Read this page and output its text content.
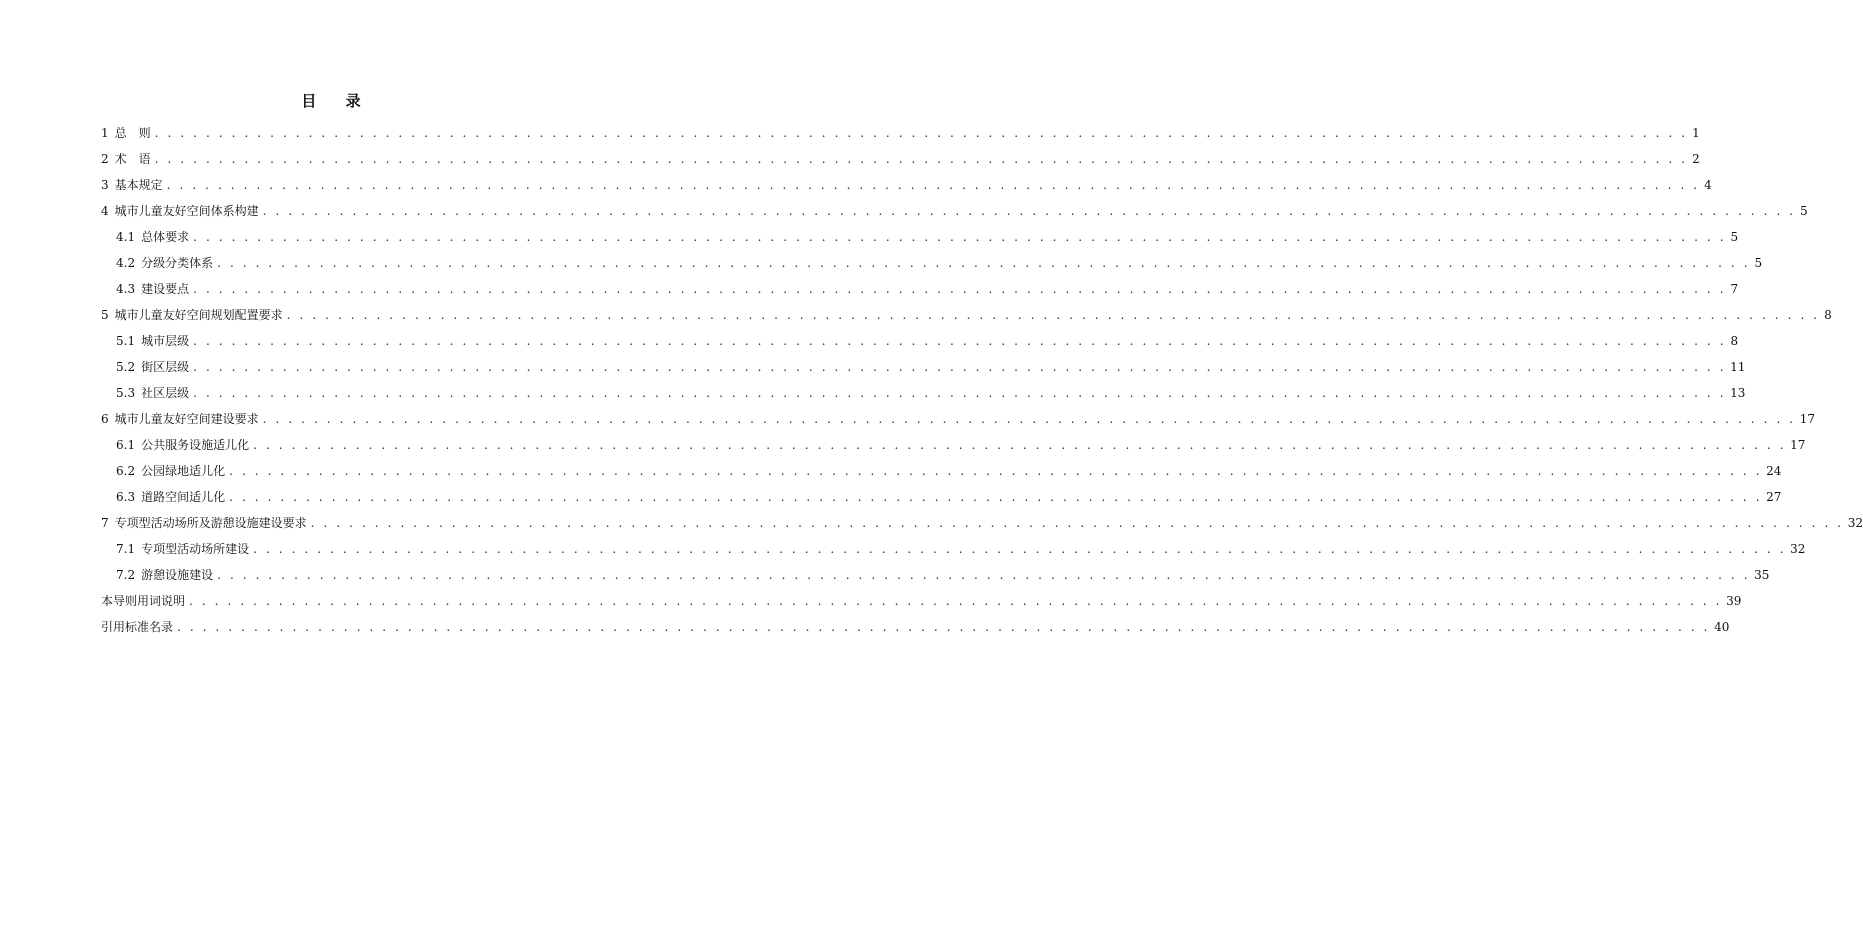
目 录
1 总　则 . . . . . . . . . . . . . . . . . . . . . . . . . . . . . . . . . . . . . . . . . . . . . . . . . . . . . . . . . . . . . . . . . . . . . . . . . . . . . . . . . . . . . . . . . . . . . . . . . . . . . . . . . . . . . . . . . . . . . . . . 1
2 术　语 . . . . . . . . . . . . . . . . . . . . . . . . . . . . . . . . . . . . . . . . . . . . . . . . . . . . . . . . . . . . . . . . . . . . . . . . . . . . . . . . . . . . . . . . . . . . . . . . . . . . . . . . . . . . . . . . . . . . . . . . 2
3 基本规定 . . . . . . . . . . . . . . . . . . . . . . . . . . . . . . . . . . . . . . . . . . . . . . . . . . . . . . . . . . . . . . . . . . . . . . . . . . . . . . . . . . . . . . . . . . . . . . . . . . . . . . . . . . . . . . . . . . . . . . . . 4
4 城市儿童友好空间体系构建 . . . . . . . . . . . . . . . . . . . . . . . . . . . . . . . . . . . . . . . . . . . . . . . . . . . . . . . . . . . . . . . . . . . . . . . . . . . . . . . . . . . . . . . . . . . . . . . . . . . . . . . . . . . . . . . . . . . . . . . . 5
4.1 总体要求 . . . . . . . . . . . . . . . . . . . . . . . . . . . . . . . . . . . . . . . . . . . . . . . . . . . . . . . . . . . . . . . . . . . . . . . . . . . . . . . . . . . . . . . . . . . . . . . . . . . . . . . . . . . . . . . . . . . . . . . . 5
4.2 分级分类体系 . . . . . . . . . . . . . . . . . . . . . . . . . . . . . . . . . . . . . . . . . . . . . . . . . . . . . . . . . . . . . . . . . . . . . . . . . . . . . . . . . . . . . . . . . . . . . . . . . . . . . . . . . . . . . . . . . . . . . . . . 5
4.3 建设要点 . . . . . . . . . . . . . . . . . . . . . . . . . . . . . . . . . . . . . . . . . . . . . . . . . . . . . . . . . . . . . . . . . . . . . . . . . . . . . . . . . . . . . . . . . . . . . . . . . . . . . . . . . . . . . . . . . . . . . . . . 7
5 城市儿童友好空间规划配置要求 . . . . . . . . . . . . . . . . . . . . . . . . . . . . . . . . . . . . . . . . . . . . . . . . . . . . . . . . . . . . . . . . . . . . . . . . . . . . . . . . . . . . . . . . . . . . . . . . . . . . . . . . . . . . . . . . . . . . . . . . 8
5.1 城市层级 . . . . . . . . . . . . . . . . . . . . . . . . . . . . . . . . . . . . . . . . . . . . . . . . . . . . . . . . . . . . . . . . . . . . . . . . . . . . . . . . . . . . . . . . . . . . . . . . . . . . . . . . . . . . . . . . . . . . . . . . 8
5.2 街区层级 . . . . . . . . . . . . . . . . . . . . . . . . . . . . . . . . . . . . . . . . . . . . . . . . . . . . . . . . . . . . . . . . . . . . . . . . . . . . . . . . . . . . . . . . . . . . . . . . . . . . . . . . . . . . . . . . . . . . . . . . 11
5.3 社区层级 . . . . . . . . . . . . . . . . . . . . . . . . . . . . . . . . . . . . . . . . . . . . . . . . . . . . . . . . . . . . . . . . . . . . . . . . . . . . . . . . . . . . . . . . . . . . . . . . . . . . . . . . . . . . . . . . . . . . . . . . 13
6 城市儿童友好空间建设要求 . . . . . . . . . . . . . . . . . . . . . . . . . . . . . . . . . . . . . . . . . . . . . . . . . . . . . . . . . . . . . . . . . . . . . . . . . . . . . . . . . . . . . . . . . . . . . . . . . . . . . . . . . . . . . . . . . . . . . . . . 17
6.1 公共服务设施适儿化 . . . . . . . . . . . . . . . . . . . . . . . . . . . . . . . . . . . . . . . . . . . . . . . . . . . . . . . . . . . . . . . . . . . . . . . . . . . . . . . . . . . . . . . . . . . . . . . . . . . . . . . . . . . . . . . . . . . . . . . . 17
6.2 公园绿地适儿化 . . . . . . . . . . . . . . . . . . . . . . . . . . . . . . . . . . . . . . . . . . . . . . . . . . . . . . . . . . . . . . . . . . . . . . . . . . . . . . . . . . . . . . . . . . . . . . . . . . . . . . . . . . . . . . . . . . . . . . . . 24
6.3 道路空间适儿化 . . . . . . . . . . . . . . . . . . . . . . . . . . . . . . . . . . . . . . . . . . . . . . . . . . . . . . . . . . . . . . . . . . . . . . . . . . . . . . . . . . . . . . . . . . . . . . . . . . . . . . . . . . . . . . . . . . . . . . . . 27
7 专项型活动场所及游憩设施建设要求 . . . . . . . . . . . . . . . . . . . . . . . . . . . . . . . . . . . . . . . . . . . . . . . . . . . . . . . . . . . . . . . . . . . . . . . . . . . . . . . . . . . . . . . . . . . . . . . . . . . . . . . . . . . . . . . . . . . . . . . . 32
7.1 专项型活动场所建设 . . . . . . . . . . . . . . . . . . . . . . . . . . . . . . . . . . . . . . . . . . . . . . . . . . . . . . . . . . . . . . . . . . . . . . . . . . . . . . . . . . . . . . . . . . . . . . . . . . . . . . . . . . . . . . . . . . . . . . . . 32
7.2 游憩设施建设 . . . . . . . . . . . . . . . . . . . . . . . . . . . . . . . . . . . . . . . . . . . . . . . . . . . . . . . . . . . . . . . . . . . . . . . . . . . . . . . . . . . . . . . . . . . . . . . . . . . . . . . . . . . . . . . . . . . . . . . . 35
本导则用词说明 . . . . . . . . . . . . . . . . . . . . . . . . . . . . . . . . . . . . . . . . . . . . . . . . . . . . . . . . . . . . . . . . . . . . . . . . . . . . . . . . . . . . . . . . . . . . . . . . . . . . . . . . . . . . . . . . . . . . . . . . 39
引用标准名录 . . . . . . . . . . . . . . . . . . . . . . . . . . . . . . . . . . . . . . . . . . . . . . . . . . . . . . . . . . . . . . . . . . . . . . . . . . . . . . . . . . . . . . . . . . . . . . . . . . . . . . . . . . . . . . . . . . . . . . . . 40
